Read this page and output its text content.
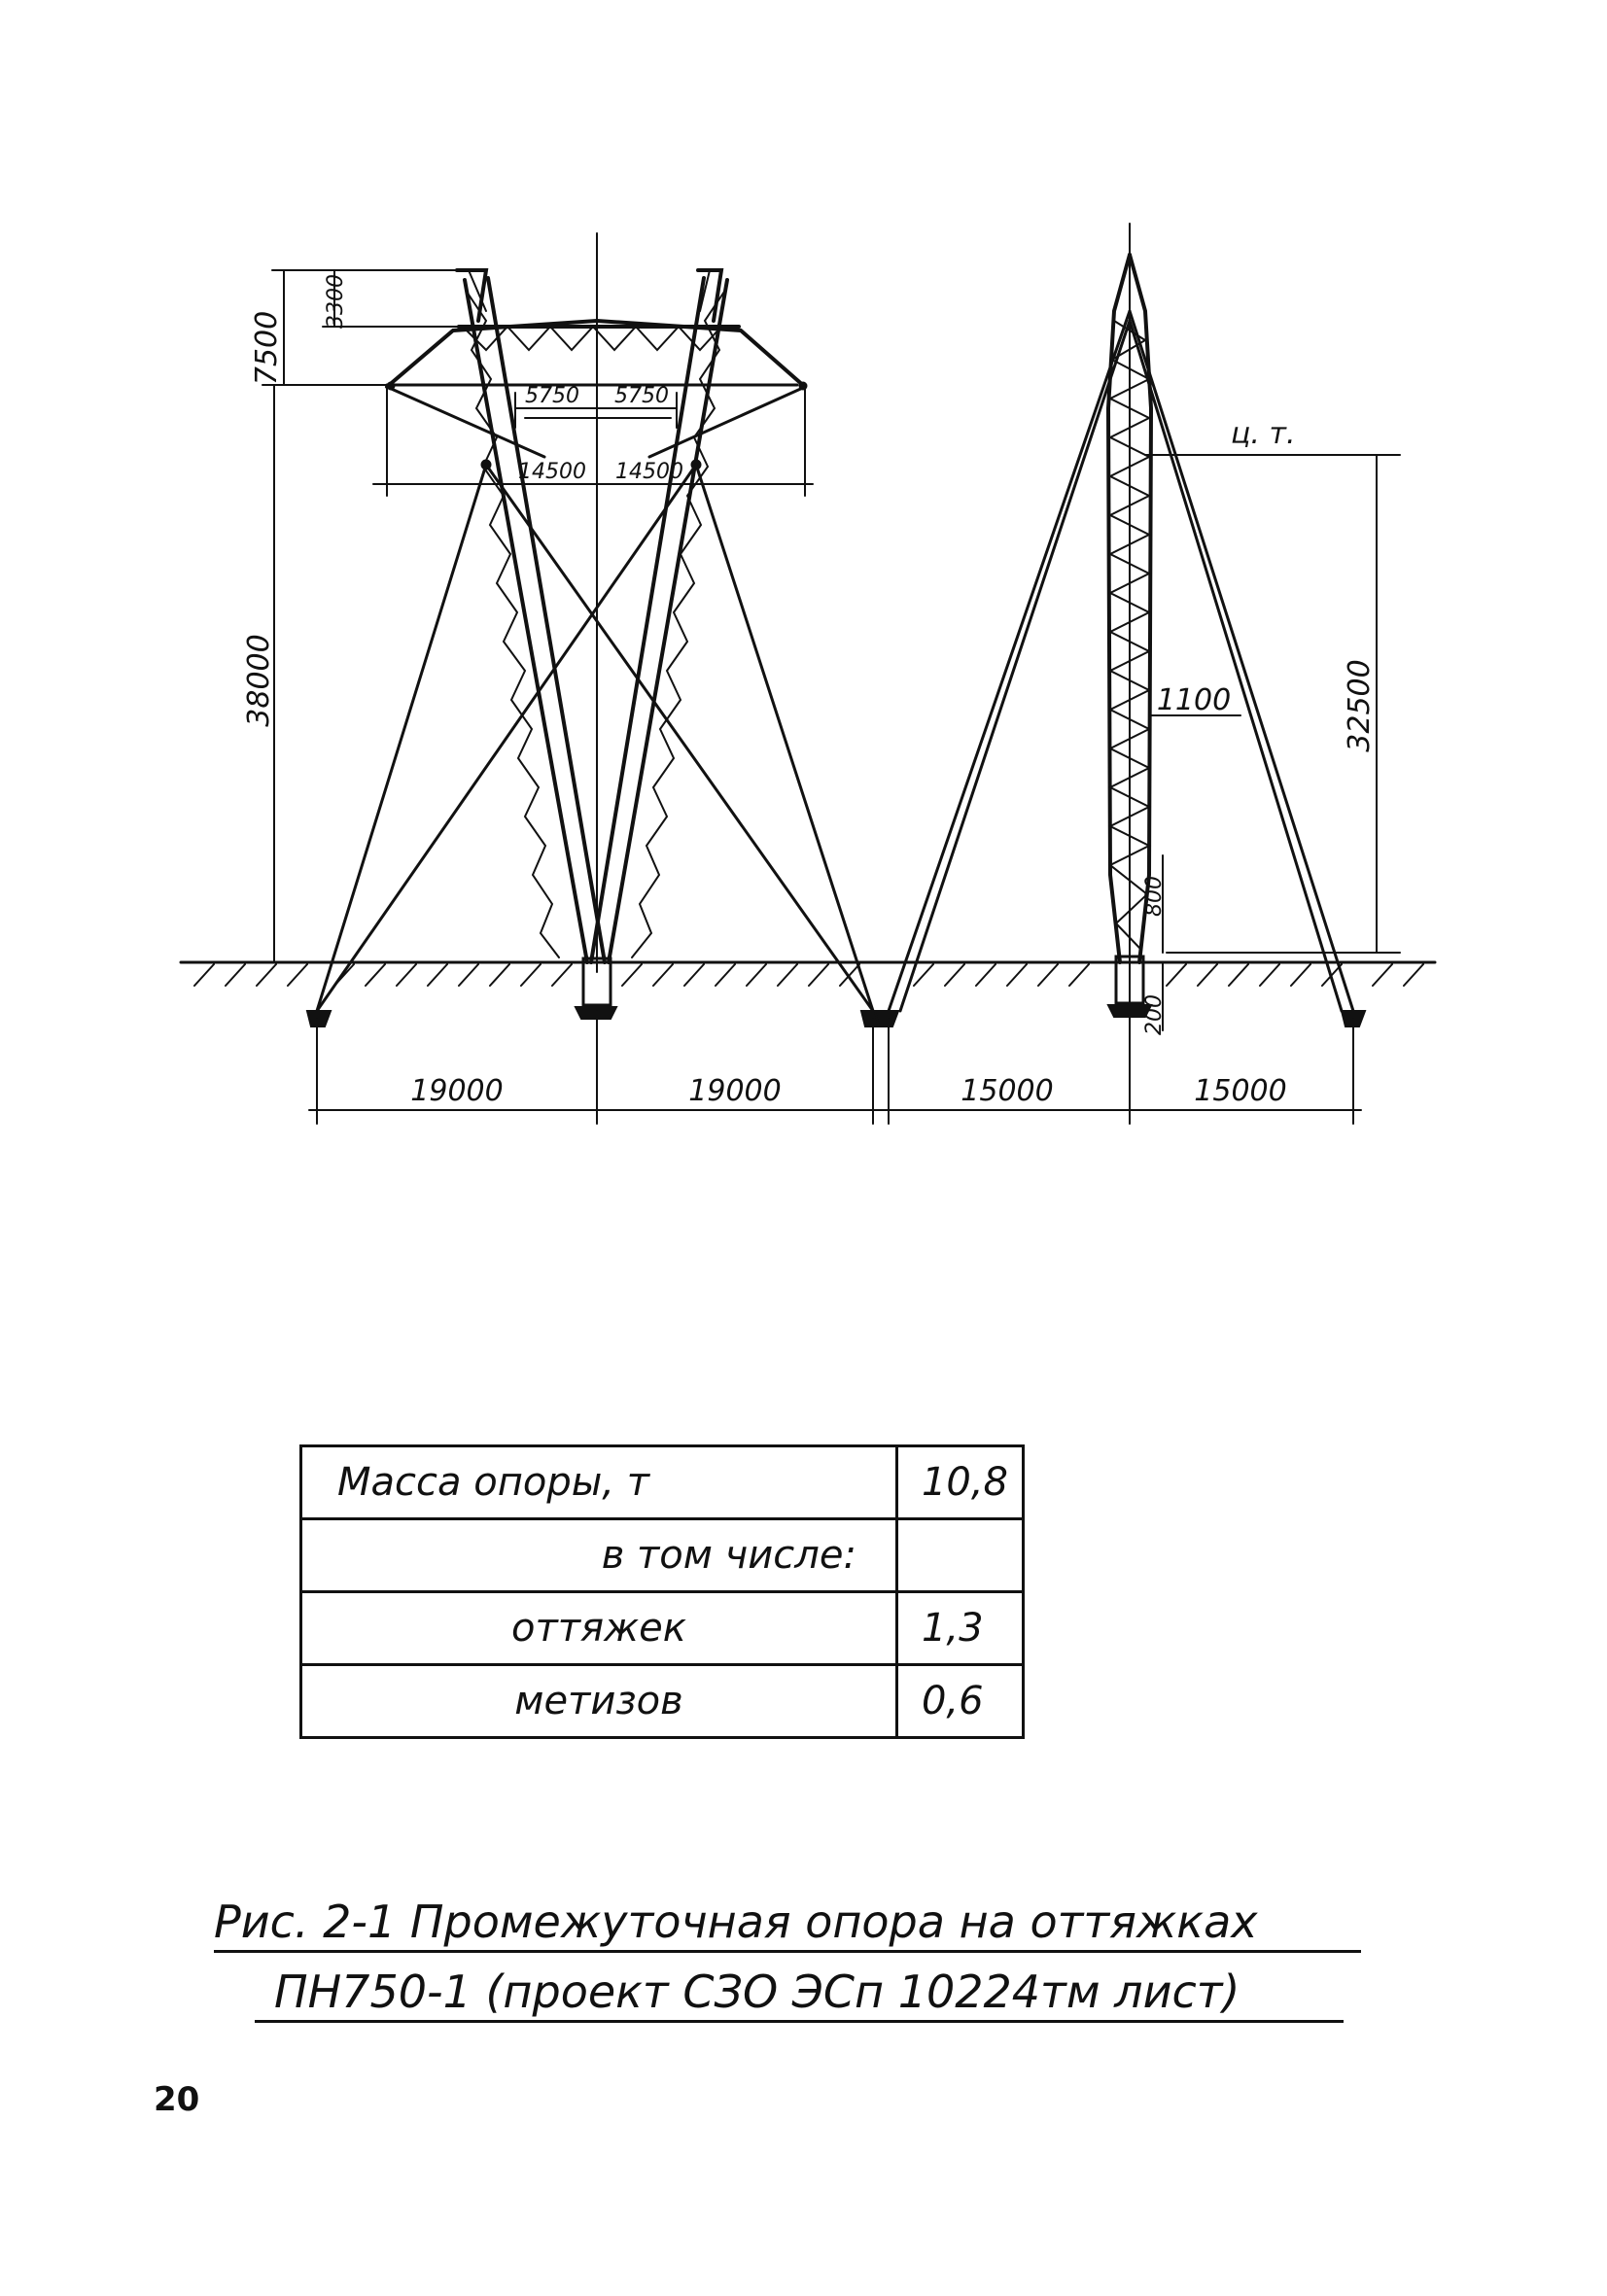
7500
3300
5750 5750
14500 14500
38000
19000	19000
ц. т.
32500
1100
800
200
15000	15000
Масса опоры, т	10,8
в том числе:	
оттяжек	1,3
метизов	0,6
Рис. 2-1 Промежуточная опора на оттяжках
ПН750-1 (проект СЗО ЭСп 10224тм лист)
20
